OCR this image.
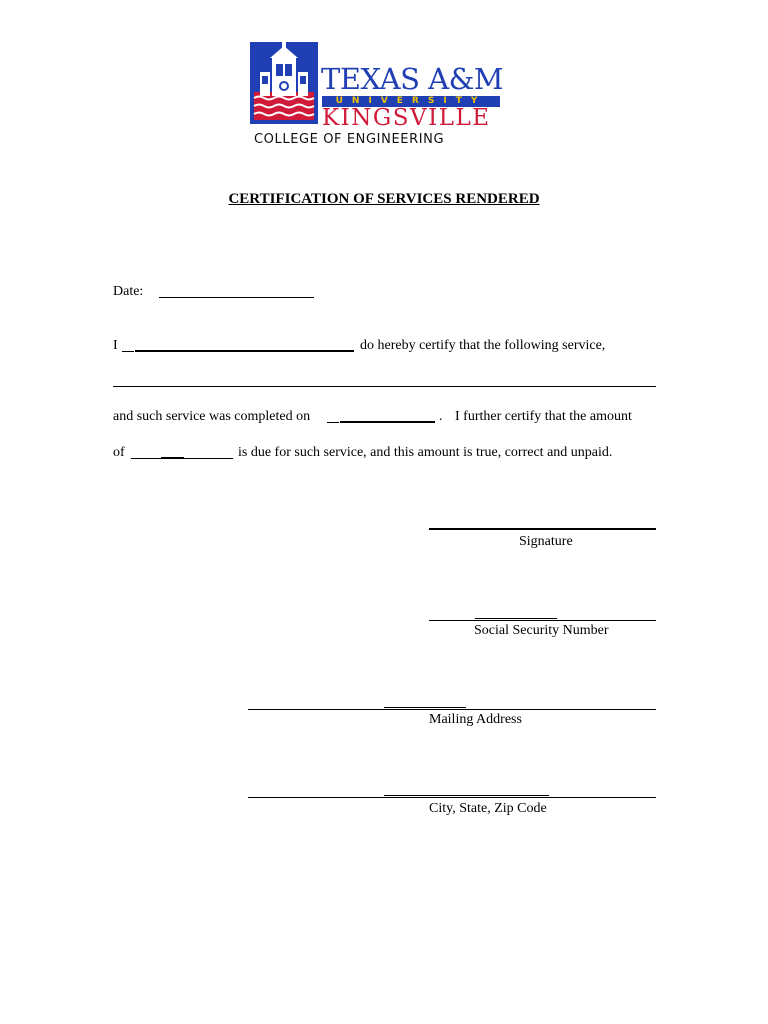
TEXAS A&M
UNIVERSITY
KINGSVILLE
COLLEGE OF ENGINEERING
CERTIFICATION OF SERVICES RENDERED
Date:
I	do hereby certify that the following service,
and such service was completed on	. I further certify that the amount
of	is due for such service, and this amount is true, correct and unpaid.
Signature
Social Security Number
Mailing Address
City, State, Zip Code
